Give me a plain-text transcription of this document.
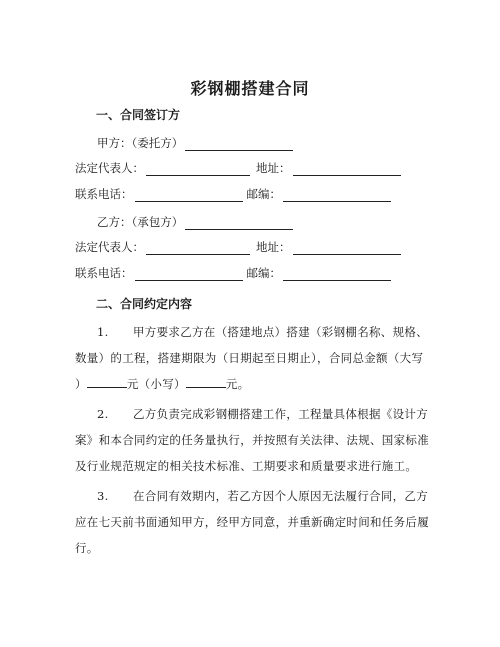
彩钢棚搭建合同
一、合同签订方
甲方：（委托方）
法定代表人：	地址：
联系电话：	邮编：
乙方：（承包方）
法定代表人：	地址：
联系电话：	邮编：
二、合同约定内容
1. 甲方要求乙方在（搭建地点）搭建（彩钢棚名称、规格、
数量）的工程，搭建期限为（日期起至日期止），合同总金额（大写
）	元（小写）	元。
2. 乙方负责完成彩钢棚搭建工作，工程量具体根据《设计方
案》和本合同约定的任务量执行，并按照有关法律、法规、国家标准
及行业规范规定的相关技术标准、工期要求和质量要求进行施工。
3. 在合同有效期内，若乙方因个人原因无法履行合同，乙方
应在七天前书面通知甲方，经甲方同意，并重新确定时间和任务后履
行。
